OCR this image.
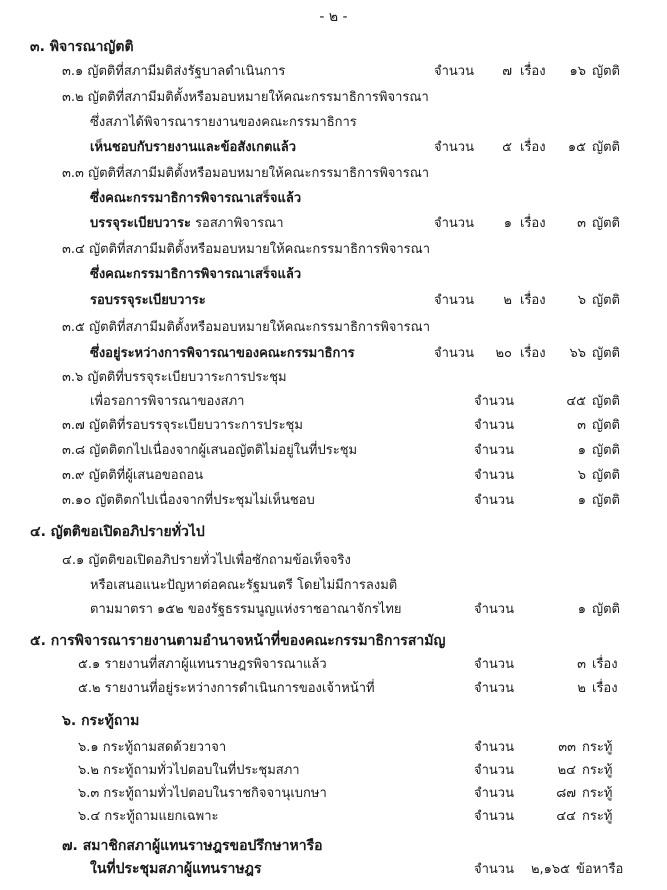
- ๒ -
๓. พิจารณาญัตติ
๓.๑ ญัตติที่สภามีมติส่งรัฐบาลดำเนินการ	จำนวน	๗ เรื่อง	๑๖ ญัตติ
๓.๒ ญัตติที่สภามีมติตั้งหรือมอบหมายให้คณะกรรมาธิการพิจารณา
ซึ่งสภาได้พิจารณารายงานของคณะกรรมาธิการ
เห็นชอบกับรายงานและข้อสังเกตแล้ว	จำนวน	๕ เรื่อง	๑๕ ญัตติ
๓.๓ ญัตติที่สภามีมติตั้งหรือมอบหมายให้คณะกรรมาธิการพิจารณา
ซึ่งคณะกรรมาธิการพิจารณาเสร็จแล้ว
บรรจุระเบียบวาระ รอสภาพิจารณา	จำนวน	๑ เรื่อง	๓ ญัตติ
๓.๔ ญัตติที่สภามีมติตั้งหรือมอบหมายให้คณะกรรมาธิการพิจารณา
ซึ่งคณะกรรมาธิการพิจารณาเสร็จแล้ว
รอบรรจุระเบียบวาระ	จำนวน	๒ เรื่อง	๖ ญัตติ
๓.๕ ญัตติที่สภามีมติตั้งหรือมอบหมายให้คณะกรรมาธิการพิจารณา
ซึ่งอยู่ระหว่างการพิจารณาของคณะกรรมาธิการ	จำนวน	๒๐ เรื่อง	๖๖ ญัตติ
๓.๖ ญัตติที่บรรจุระเบียบวาระการประชุม
เพื่อรอการพิจารณาของสภา	จำนวน	๔๕ ญัตติ
๓.๗ ญัตติที่รอบรรจุระเบียบวาระการประชุม	จำนวน	๓ ญัตติ
๓.๘ ญัตติตกไปเนื่องจากผู้เสนอญัตติไม่อยู่ในที่ประชุม	จำนวน	๑ ญัตติ
๓.๙ ญัตติที่ผู้เสนอขอถอน	จำนวน	๖ ญัตติ
๓.๑๐ ญัตติตกไปเนื่องจากที่ประชุมไม่เห็นชอบ	จำนวน	๑ ญัตติ
๔. ญัตติขอเปิดอภิปรายทั่วไป
๔.๑ ญัตติขอเปิดอภิปรายทั่วไปเพื่อซักถามข้อเท็จจริง
หรือเสนอแนะปัญหาต่อคณะรัฐมนตรี โดยไม่มีการลงมติ
ตามมาตรา ๑๕๒ ของรัฐธรรมนูญแห่งราชอาณาจักรไทย	จำนวน	๑ ญัตติ
๕. การพิจารณารายงานตามอำนาจหน้าที่ของคณะกรรมาธิการสามัญ
๕.๑ รายงานที่สภาผู้แทนราษฎรพิจารณาแล้ว	จำนวน	๓ เรื่อง
๕.๒ รายงานที่อยู่ระหว่างการดำเนินการของเจ้าหน้าที่	จำนวน	๒ เรื่อง
๖. กระทู้ถาม
๖.๑ กระทู้ถามสดด้วยวาจา	จำนวน	๓๓ กระทู้
๖.๒ กระทู้ถามทั่วไปตอบในที่ประชุมสภา	จำนวน	๒๔ กระทู้
๖.๓ กระทู้ถามทั่วไปตอบในราชกิจจานุเบกษา	จำนวน	๘๗ กระทู้
๖.๔ กระทู้ถามแยกเฉพาะ	จำนวน	๔๔ กระทู้
๗. สมาชิกสภาผู้แทนราษฎรขอปรึกษาหารือ
ในที่ประชุมสภาผู้แทนราษฎร	จำนวน	๒,๑๖๕ ข้อหารือ
